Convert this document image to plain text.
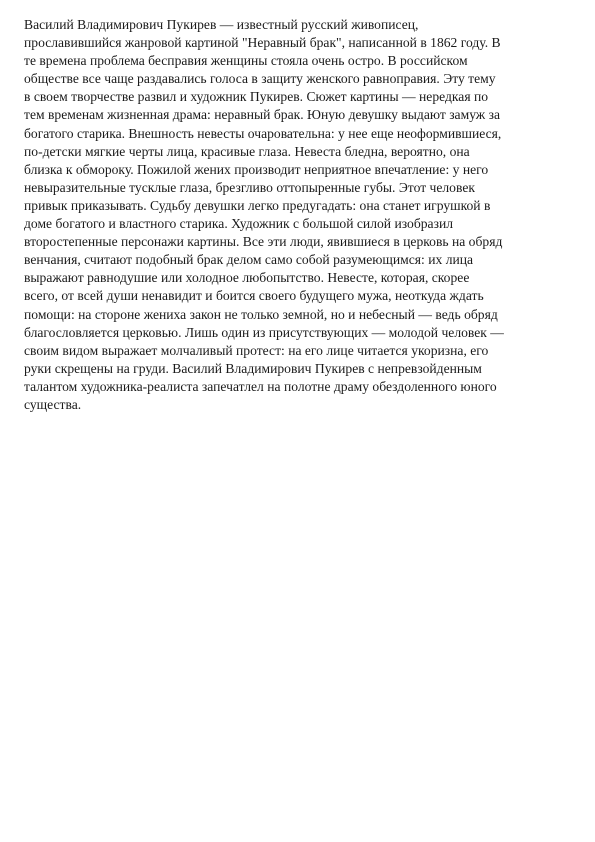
Василий Владимирович Пукирев — известный русский живописец,
прославившийся жанровой картиной "Неравный брак", написанной в 1862 году. В
те времена проблема бесправия женщины стояла очень остро. В российском
обществе все чаще раздавались голоса в защиту женского равноправия. Эту тему
в своем творчестве развил и художник Пукирев. Сюжет картины — нередкая по
тем временам жизненная драма: неравный брак. Юную девушку выдают замуж за
богатого старика. Внешность невесты очаровательна: у нее еще неоформившиеся,
по-детски мягкие черты лица, красивые глаза. Невеста бледна, вероятно, она
близка к обмороку. Пожилой жених производит неприятное впечатление: у него
невыразительные тусклые глаза, брезгливо оттопыренные губы. Этот человек
привык приказывать. Судьбу девушки легко предугадать: она станет игрушкой в
доме богатого и властного старика. Художник с большой силой изобразил
второстепенные персонажи картины. Все эти люди, явившиеся в церковь на обряд
венчания, считают подобный брак делом само собой разумеющимся: их лица
выражают равнодушие или холодное любопытство. Невесте, которая, скорее
всего, от всей души ненавидит и боится своего будущего мужа, неоткуда ждать
помощи: на стороне жениха закон не только земной, но и небесный — ведь обряд
благословляется церковью. Лишь один из присутствующих — молодой человек —
своим видом выражает молчаливый протест: на его лице читается укоризна, его
руки скрещены на груди. Василий Владимирович Пукирев с непревзойденным
талантом художника-реалиста запечатлел на полотне драму обездоленного юного
существа.
